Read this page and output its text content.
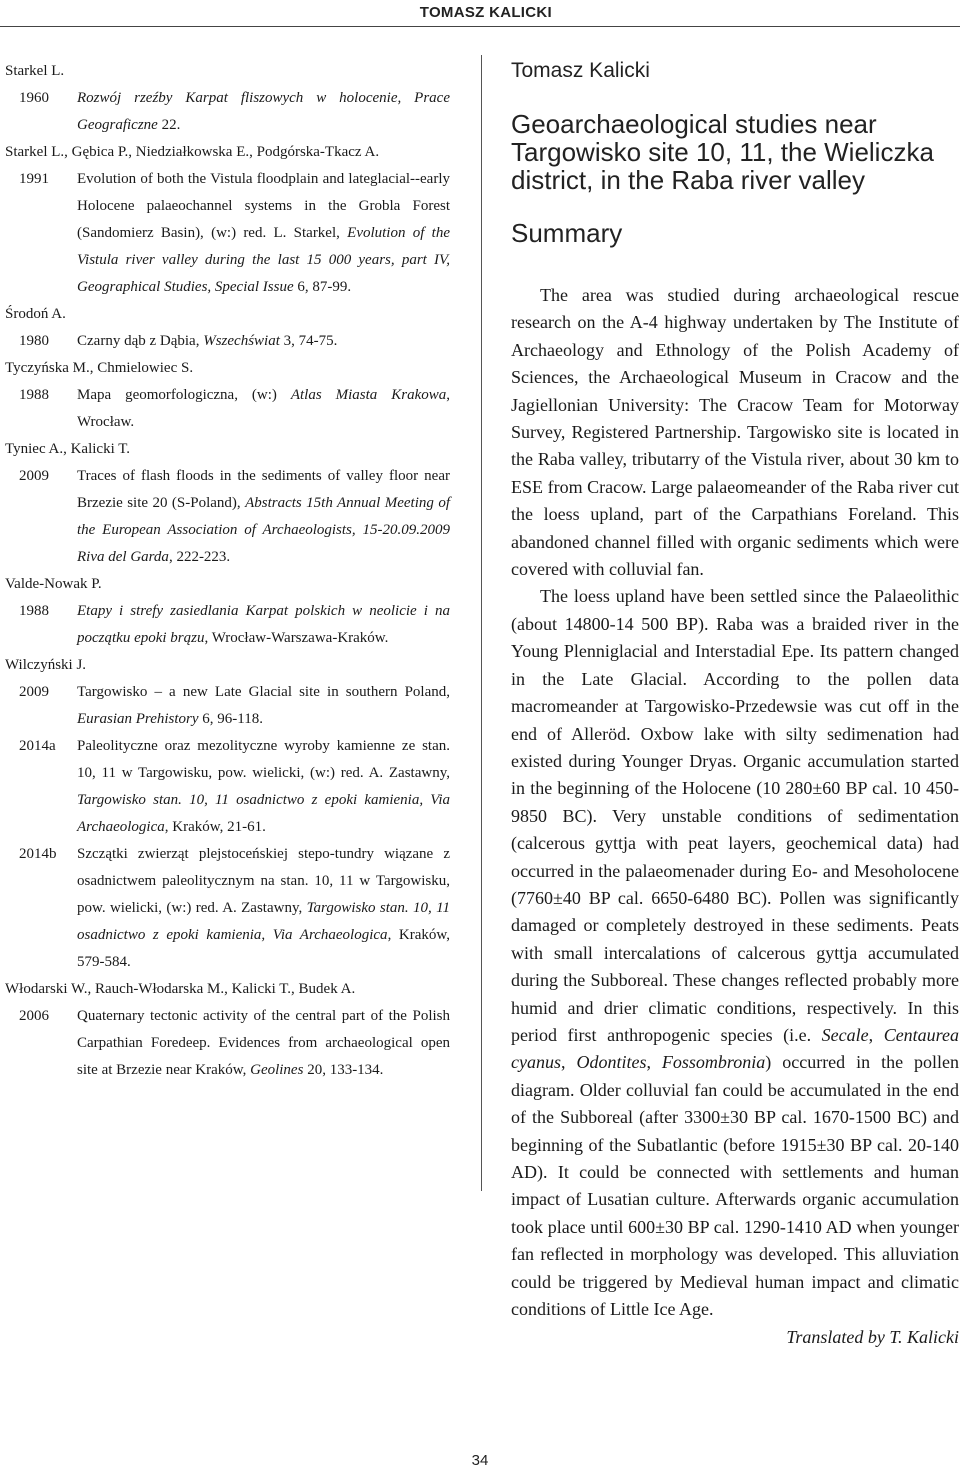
TOMASZ KALICKI
Starkel L.
1960 Rozwój rzeźby Karpat fliszowych w holocenie, Prace Geograficzne 22.
Starkel L., Gębica P., Niedziałkowska E., Podgórska-Tkacz A.
1991 Evolution of both the Vistula floodplain and lateglacial--early Holocene palaeochannel systems in the Grobla Forest (Sandomierz Basin), (w:) red. L. Starkel, Evolution of the Vistula river valley during the last 15 000 years, part IV, Geographical Studies, Special Issue 6, 87-99.
Środoń A.
1980 Czarny dąb z Dąbia, Wszechświat 3, 74-75.
Tyczyńska M., Chmielowiec S.
1988 Mapa geomorfologiczna, (w:) Atlas Miasta Krakowa, Wrocław.
Tyniec A., Kalicki T.
2009 Traces of flash floods in the sediments of valley floor near Brzezie site 20 (S-Poland), Abstracts 15th Annual Meeting of the European Association of Archaeologists, 15-20.09.2009 Riva del Garda, 222-223.
Valde-Nowak P.
1988 Etapy i strefy zasiedlania Karpat polskich w neolicie i na początku epoki brązu, Wrocław-Warszawa-Kraków.
Wilczyński J.
2009 Targowisko – a new Late Glacial site in southern Poland, Eurasian Prehistory 6, 96-118.
2014a Paleolityczne oraz mezolityczne wyroby kamienne ze stan. 10, 11 w Targowisku, pow. wielicki, (w:) red. A. Zastawny, Targowisko stan. 10, 11 osadnictwo z epoki kamienia, Via Archaeologica, Kraków, 21-61.
2014b Szczątki zwierząt plejstoceńskiej stepo-tundry wiązane z osadnictwem paleolitycznym na stan. 10, 11 w Targowisku, pow. wielicki, (w:) red. A. Zastawny, Targowisko stan. 10, 11 osadnictwo z epoki kamienia, Via Archaeologica, Kraków, 579-584.
Włodarski W., Rauch-Włodarska M., Kalicki T., Budek A.
2006 Quaternary tectonic activity of the central part of the Polish Carpathian Foredeep. Evidences from archaeological open site at Brzezie near Kraków, Geolines 20, 133-134.

Tomasz Kalicki

Geoarchaeological studies near Targowisko site 10, 11, the Wieliczka district, in the Raba river valley
Summary

The area was studied during archaeological rescue research on the A-4 highway undertaken by The Institute of Archaeology and Ethnology of the Polish Academy of Sciences, the Archaeological Museum in Cracow and the Jagiellonian University: The Cracow Team for Motorway Survey, Registered Partnership. Targowisko site is located in the Raba valley, tributarry of the Vistula river, about 30 km to ESE from Cracow. Large palaeomeander of the Raba river cut the loess upland, part of the Carpathians Foreland. This abandoned channel filled with organic sediments which were covered with colluvial fan.

The loess upland have been settled since the Palaeolithic (about 14800-14 500 BP). Raba was a braided river in the Young Plenniglacial and Interstadial Epe. Its pattern changed in the Late Glacial. According to the pollen data macromeander at Targowisko-Przedewsie was cut off in the end of Alleröd. Oxbow lake with silty sedimenation had existed during Younger Dryas. Organic accumulation started in the beginning of the Holocene (10 280±60 BP cal. 10 450-9850 BC). Very unstable conditions of sedimentation (calcerous gyttja with peat layers, geochemical data) had occurred in the palaeomenader during Eo- and Mesoholocene (7760±40 BP cal. 6650-6480 BC). Pollen was significantly damaged or completely destroyed in these sediments. Peats with small intercalations of calcerous gyttja accumulated during the Subboreal. These changes reflected probably more humid and drier climatic conditions, respectively. In this period first anthropogenic species (i.e. Secale, Centaurea cyanus, Odontites, Fossombronia) occurred in the pollen diagram. Older colluvial fan could be accumulated in the end of the Subboreal (after 3300±30 BP cal. 1670-1500 BC) and beginning of the Subatlantic (before 1915±30 BP cal. 20-140 AD). It could be connected with settlements and human impact of Lusatian culture. Afterwards organic accumulation took place until 600±30 BP cal. 1290-1410 AD when younger fan reflected in morphology was developed. This alluviation could be triggered by Medieval human impact and climatic conditions of Little Ice Age.

Translated by T. Kalicki

34
